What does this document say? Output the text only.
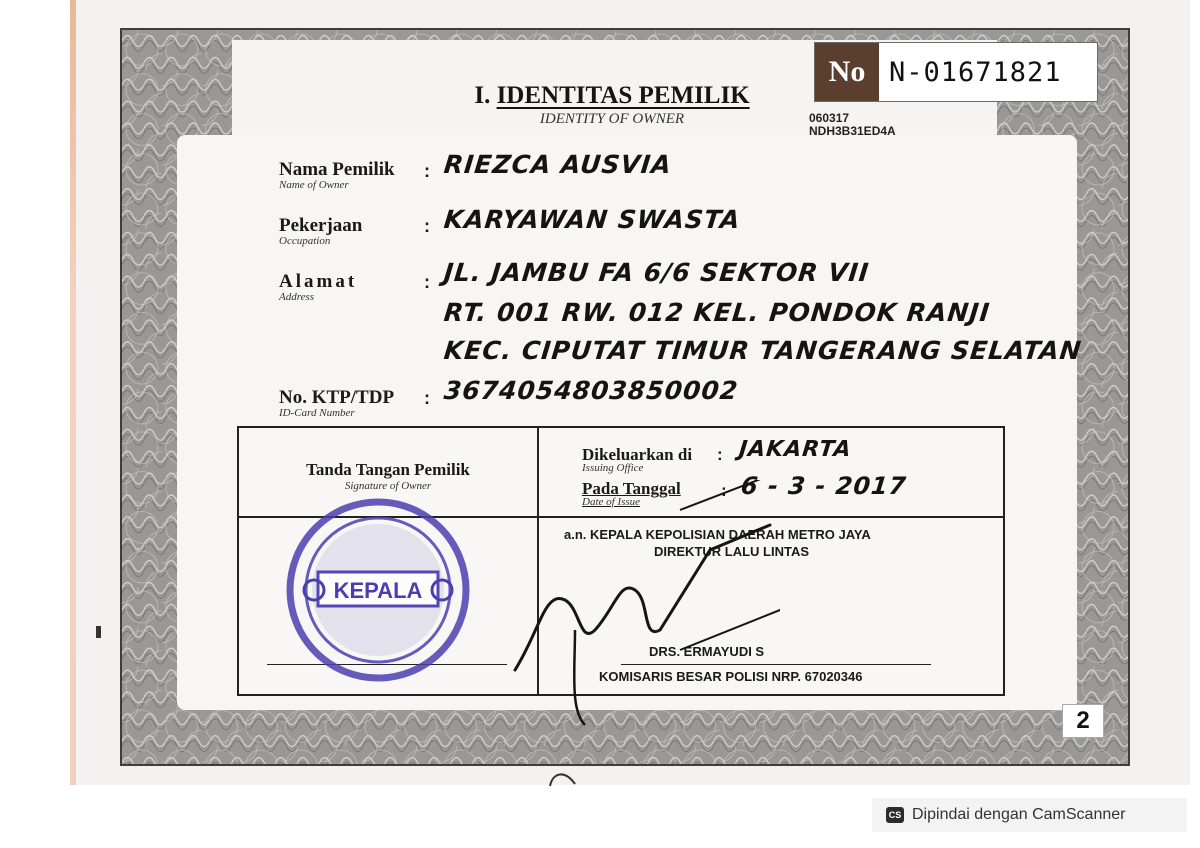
No N-01671821
I. IDENTITAS PEMILIK
IDENTITY OF OWNER	060317
NDH3B31ED4A
Nama Pemilik
Name of Owner
: RIEZCA AUSVIA
Pekerjaan
Occupation
: KARYAWAN SWASTA
Alamat
Address
: JL. JAMBU FA 6/6 SEKTOR VII
RT. 001 RW. 012 KEL. PONDOK RANJI
KEC. CIPUTAT TIMUR TANGERANG SELATAN
No. KTP/TDP
ID-Card Number
: 3674054803850002
Tanda Tangan Pemilik
Signature of Owner
Dikeluarkan di
Issuing Office
: JAKARTA
Pada Tanggal
Date of Issue
: 6 - 3 - 2017
a.n. KEPALA KEPOLISIAN DAERAH METRO JAYA
DIREKTUR LALU LINTAS
DRS. ERMAYUDI S
KOMISARIS BESAR POLISI NRP. 67020346
2
KEPALA
CS Dipindai dengan CamScanner
